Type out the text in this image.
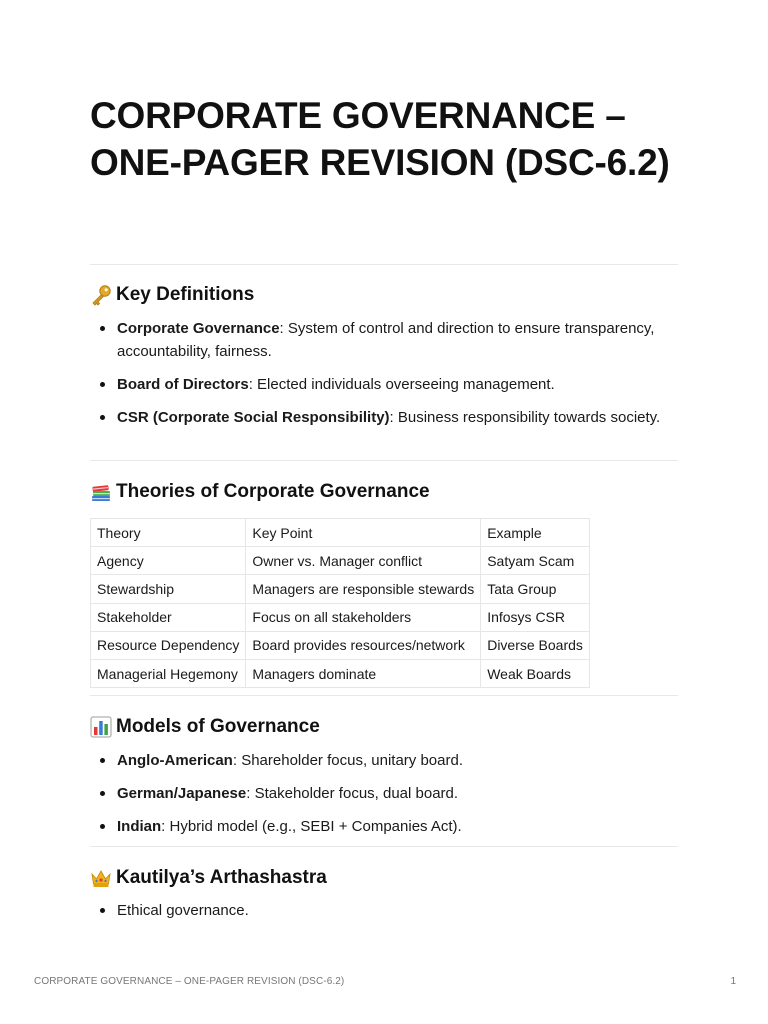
CORPORATE GOVERNANCE – ONE-PAGER REVISION (DSC-6.2)
Key Definitions
Corporate Governance: System of control and direction to ensure transparency, accountability, fairness.
Board of Directors: Elected individuals overseeing management.
CSR (Corporate Social Responsibility): Business responsibility towards society.
Theories of Corporate Governance
Theory	Key Point	Example
Agency	Owner vs. Manager conflict	Satyam Scam
Stewardship	Managers are responsible stewards	Tata Group
Stakeholder	Focus on all stakeholders	Infosys CSR
Resource Dependency	Board provides resources/network	Diverse Boards
Managerial Hegemony	Managers dominate	Weak Boards
Models of Governance
Anglo-American: Shareholder focus, unitary board.
German/Japanese: Stakeholder focus, dual board.
Indian: Hybrid model (e.g., SEBI + Companies Act).
Kautilya’s Arthashastra
Ethical governance.
CORPORATE GOVERNANCE – ONE-PAGER REVISION (DSC-6.2)	1
